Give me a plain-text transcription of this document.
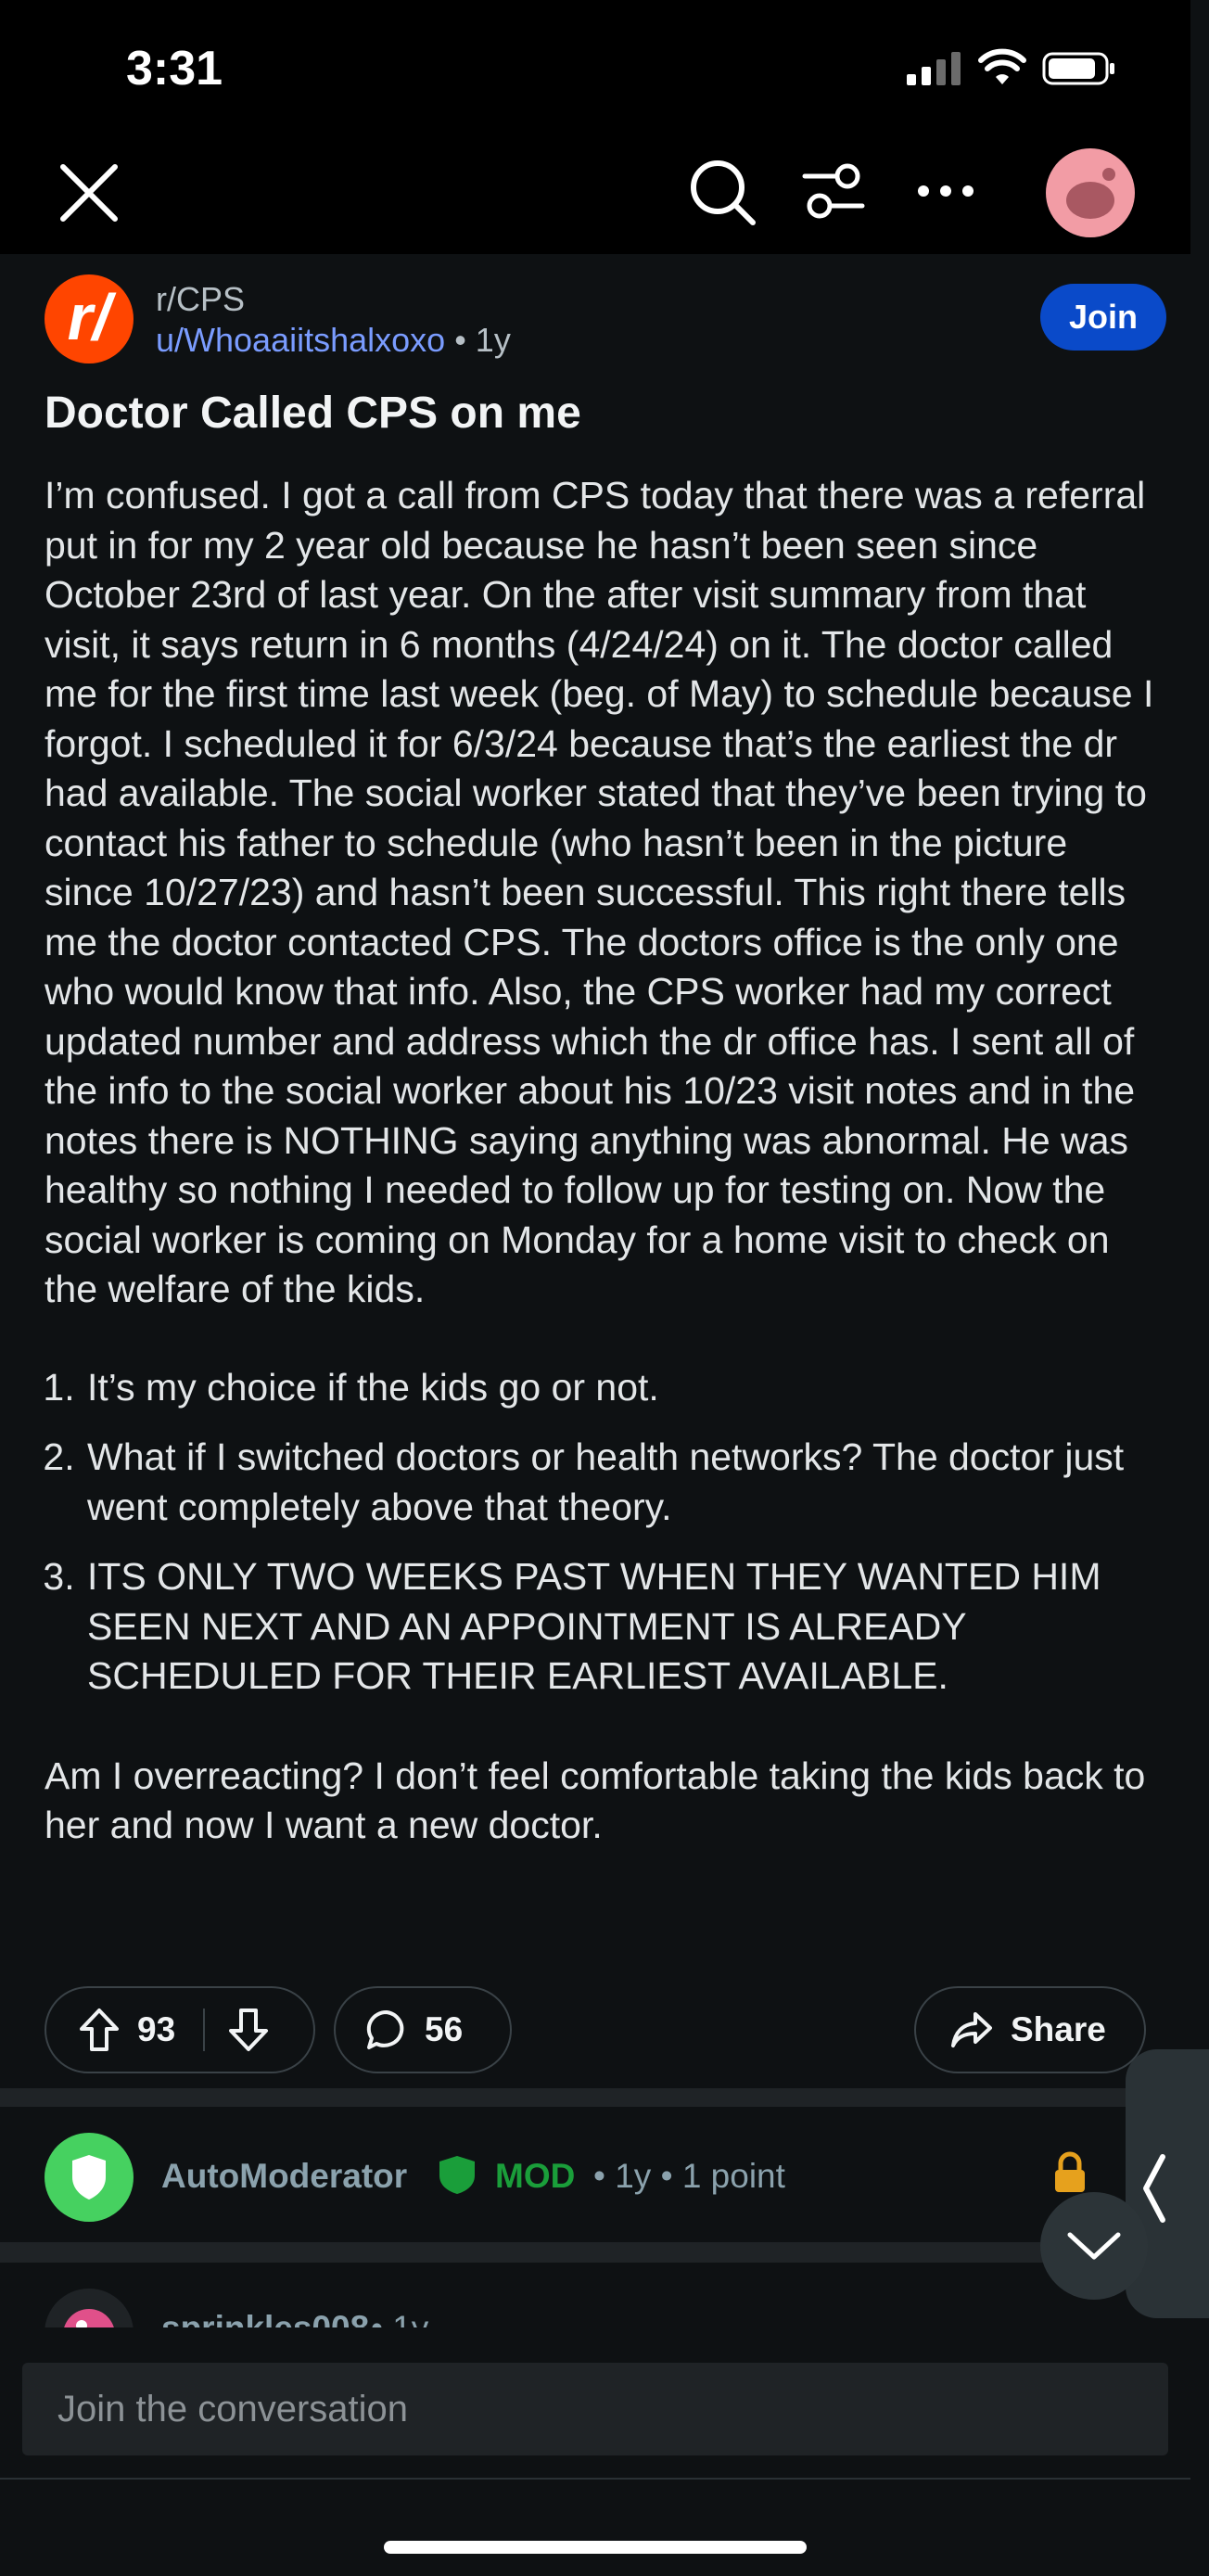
3:31
r/	r/CPS
u/Whoaaiitshalxoxo • 1y
Join
Doctor Called CPS on me

I’m confused. I got a call from CPS today that there was a referral put in for my 2 year old because he hasn’t been seen since October 23rd of last year. On the after visit summary from that visit, it says return in 6 months (4/24/24) on it. The doctor called me for the first time last week (beg. of May) to schedule because I forgot. I scheduled it for 6/3/24 because that’s the earliest the dr had available. The social worker stated that they’ve been trying to contact his father to schedule (who hasn’t been in the picture since 10/27/23) and hasn’t been successful. This right there tells me the doctor contacted CPS. The doctors office is the only one who would know that info. Also, the CPS worker had my correct updated number and address which the dr office has. I sent all of the info to the social worker about his 10/23 visit notes and in the notes there is NOTHING saying anything was abnormal. He was healthy so nothing I needed to follow up for testing on. Now the social worker is coming on Monday for a home visit to check on the welfare of the kids.

1. It’s my choice if the kids go or not.
2. What if I switched doctors or health networks? The doctor just went completely above that theory.
3. ITS ONLY TWO WEEKS PAST WHEN THEY WANTED HIM SEEN NEXT AND AN APPOINTMENT IS ALREADY SCHEDULED FOR THEIR EARLIEST AVAILABLE.

Am I overreacting? I don’t feel comfortable taking the kids back to her and now I want a new doctor.

93	56	Share
AutoModerator	MOD • 1y • 1 point
Join the conversation
